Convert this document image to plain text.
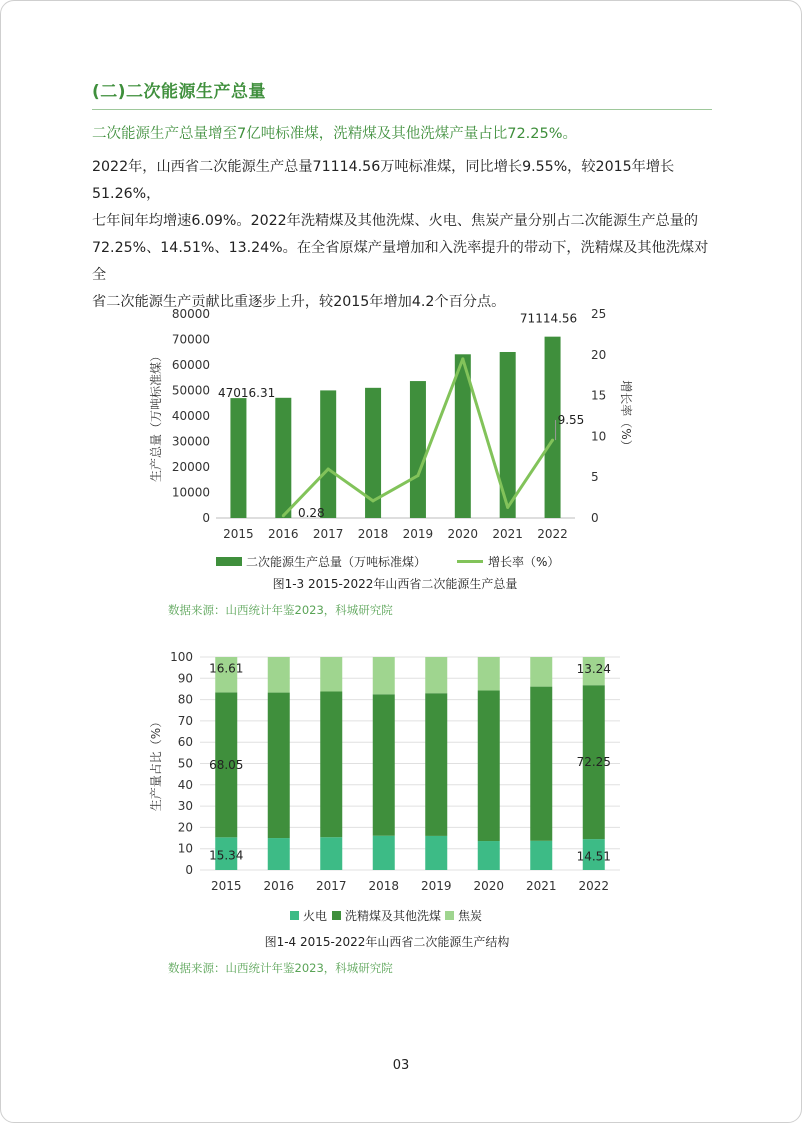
(二)二次能源生产总量
二次能源生产总量增至7亿吨标准煤，洗精煤及其他洗煤产量占比72.25%。

2022年，山西省二次能源生产总量71114.56万吨标准煤，同比增长9.55%，较2015年增长51.26%，

七年间年均增速6.09%。2022年洗精煤及其他洗煤、火电、焦炭产量分别占二次能源生产总量的

72.25%、14.51%、13.24%。在全省原煤产量增加和入洗率提升的带动下，洗精煤及其他洗煤对全

省二次能源生产贡献比重逐步上升，较2015年增加4.2个百分点。

0
10000
20000
30000
40000
50000
60000
70000
80000
0
5
10
15
20
25
2015 2016 2017 2018 2019 2020 2021 2022
生产总量（万吨标准煤）	增长率（%）
47016.31
0.28
71114.56
9.55
二次能源生产总量（万吨标准煤）	增长率（%）
图1-3 2015-2022年山西省二次能源生产总量
数据来源：山西统计年鉴2023，科城研究院
16.61
68.05
15.34
13.24
72.25
14.51
0
10
20
30
40
50
60
70
80
90
100
2015 2016 2017 2018 2019 2020 2021 2022
生产量占比（%）
火电 洗精煤及其他洗煤 焦炭
图1-4 2015-2022年山西省二次能源生产结构
数据来源：山西统计年鉴2023，科城研究院
03
